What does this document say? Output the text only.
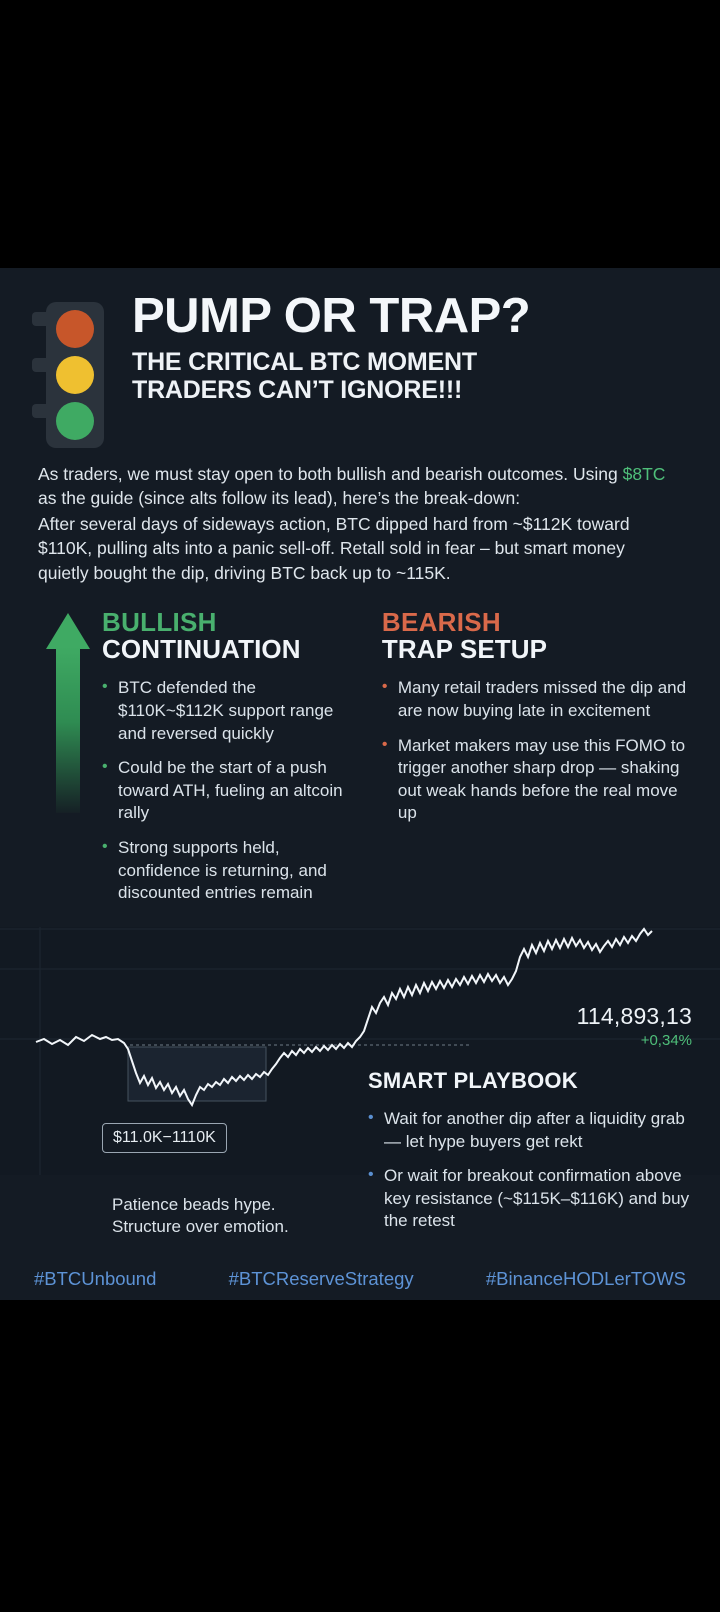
PUMP OR TRAP?
THE CRITICAL BTC MOMENT
TRADERS CAN’T IGNORE!!!

As traders, we must stay open to both bullish and bearish outcomes. Using $8TC as the guide (since alts follow its lead), here’s the break-down:

After several days of sideways action, BTC dipped hard from ~$112K toward $110K, pulling alts into a panic sell-off. Retall sold in fear – but smart money quietly bought the dip, driving BTC back up to ~115K.

BULLISH
CONTINUATION
• BTC defended the $110K~$112K support range and reversed quickly
• Could be the start of a push toward ATH, fueling an altcoin rally
• Strong supports held, confidence is returning, and discounted entries remain
BEARISH
TRAP SETUP
• Many retail traders missed the dip and are now buying late in excitement
• Market makers may use this FOMO to trigger another sharp drop — shaking out weak hands before the real move up
114,893,13
+0,34%
$11.0K−1110K
SMART PLAYBOOK
• Wait for another dip after a liquidity grab — let hype buyers get rekt
• Or wait for breakout confirmation above key resistance (~$115K–$116K) and buy the retest
Patience beads hype.
Structure over emotion.
#BTCUnbound	#BTCReserveStrategy	#BinanceHODLerTOWS
